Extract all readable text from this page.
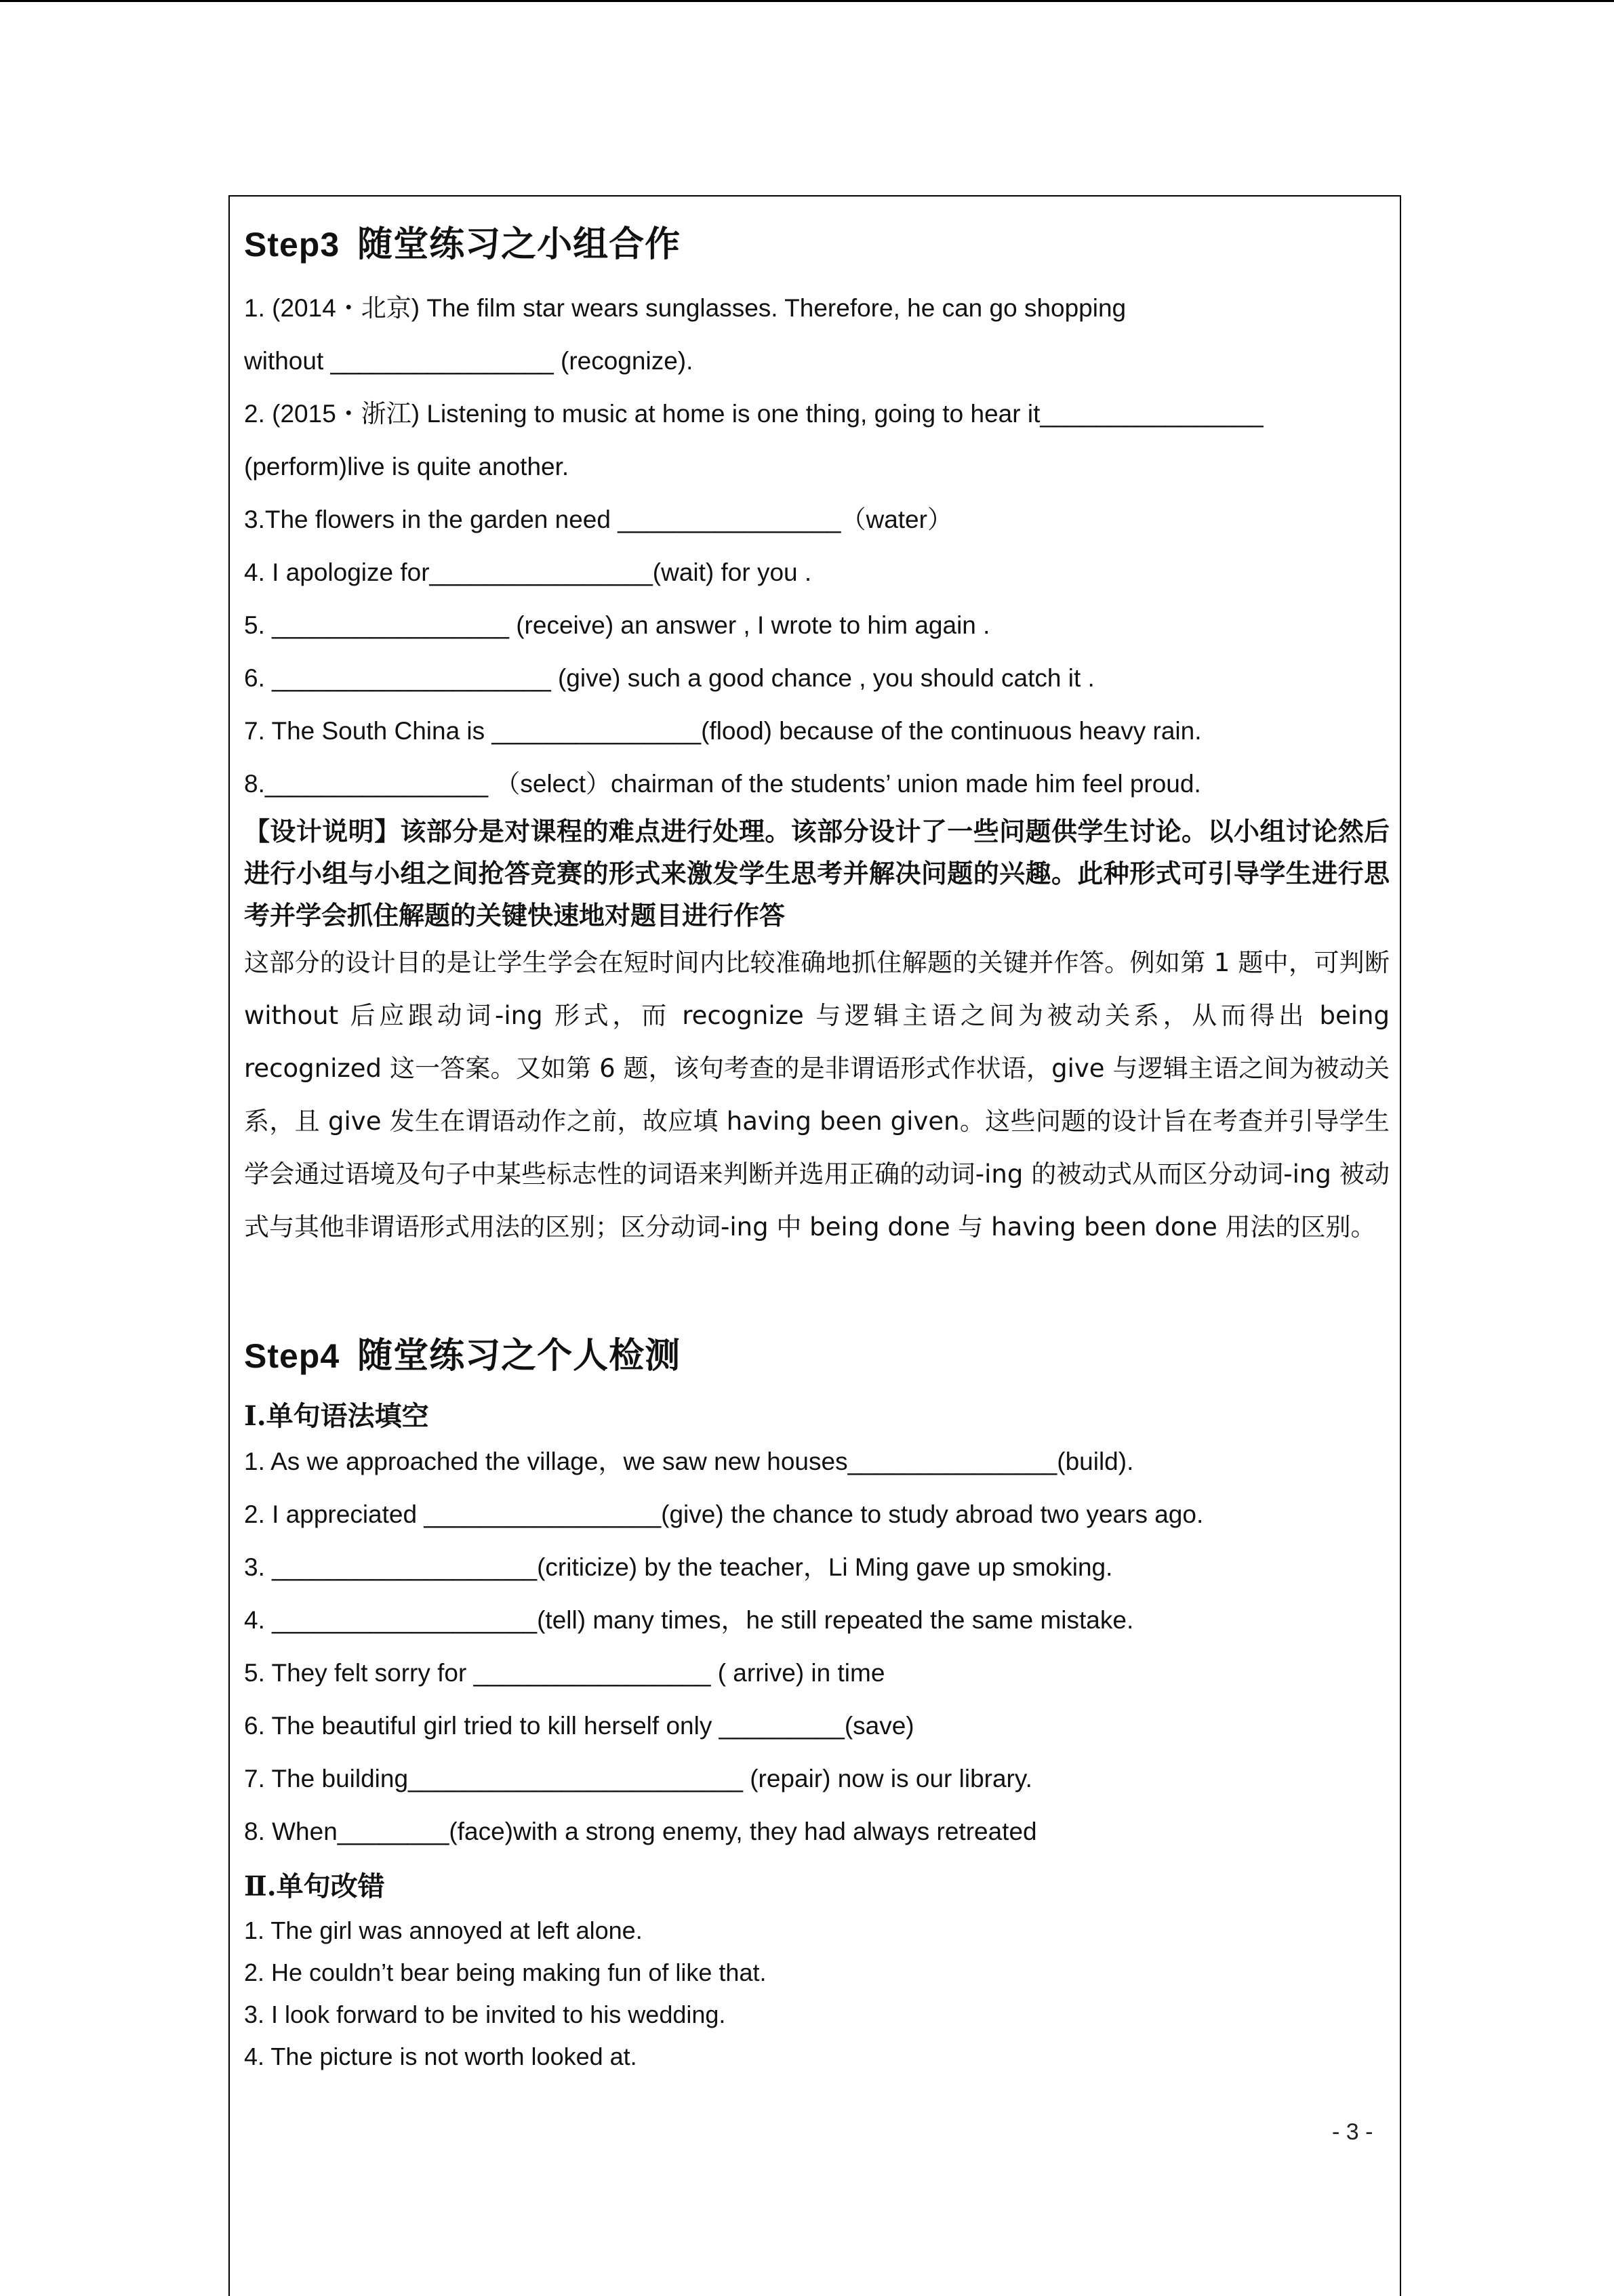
Step3 随堂练习之小组合作
1. (2014・北京) The film star wears sunglasses. Therefore, he can go shopping
without ________________ (recognize).
2. (2015・浙江) Listening to music at home is one thing, going to hear it________________
(perform)live is quite another.
3.The flowers in the garden need ________________（water）
4. I apologize for________________(wait) for you .
5. _________________ (receive) an answer , I wrote to him again .
6. ____________________ (give) such a good chance , you should catch it .
7. The South China is _______________(flood) because of the continuous heavy rain.
8.________________ （select）chairman of the students’ union made him feel proud.
【设计说明】该部分是对课程的难点进行处理。该部分设计了一些问题供学生讨论。以小组讨论然后进行小组与小组之间抢答竞赛的形式来激发学生思考并解决问题的兴趣。此种形式可引导学生进行思考并学会抓住解题的关键快速地对题目进行作答
这部分的设计目的是让学生学会在短时间内比较准确地抓住解题的关键并作答。例如第 1 题中，可判断 without 后应跟动词-ing 形式，而 recognize 与逻辑主语之间为被动关系，从而得出 being recognized 这一答案。又如第 6 题，该句考查的是非谓语形式作状语，give 与逻辑主语之间为被动关系，且 give 发生在谓语动作之前，故应填 having been given。这些问题的设计旨在考查并引导学生学会通过语境及句子中某些标志性的词语来判断并选用正确的动词-ing 的被动式从而区分动词-ing 被动式与其他非谓语形式用法的区别；区分动词-ing 中 being done 与 having been done 用法的区别。
Step4 随堂练习之个人检测
Ⅰ.单句语法填空
1. As we approached the village，we saw new houses_______________(build).
2. I appreciated _________________(give) the chance to study abroad two years ago.
3. ___________________(criticize) by the teacher，Li Ming gave up smoking.
4. ___________________(tell) many times，he still repeated the same mistake.
5. They felt sorry for _________________ ( arrive) in time
6. The beautiful girl tried to kill herself only _________(save)
7. The building________________________ (repair) now is our library.
8. When________(face)with a strong enemy, they had always retreated
Ⅱ.单句改错
1. The girl was annoyed at left alone.
2. He couldn’t bear being making fun of like that.
3. I look forward to be invited to his wedding.
4. The picture is not worth looked at.
- 3 -
